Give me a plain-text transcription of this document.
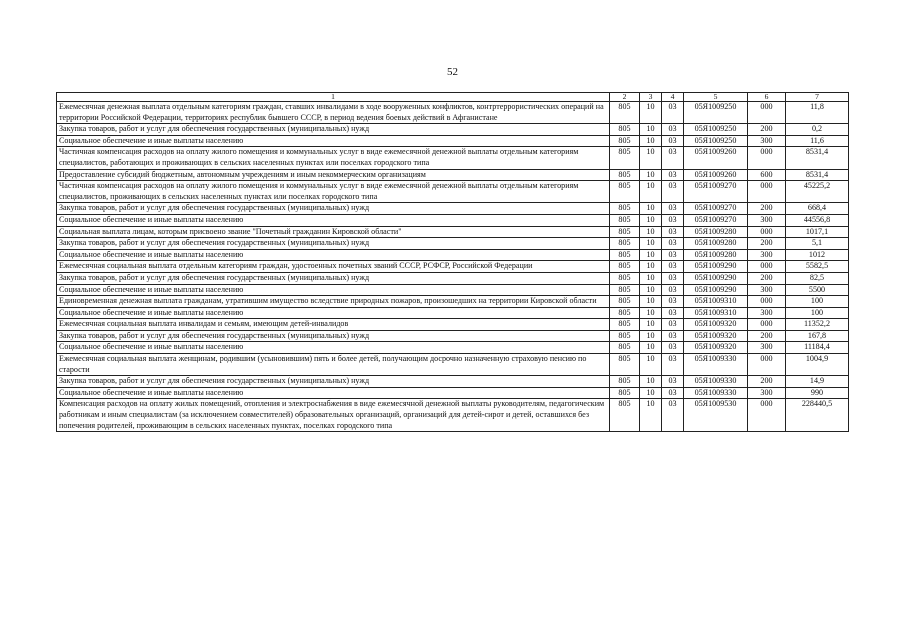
52
1	2	3	4	5	6	7
Ежемесячная денежная выплата отдельным категориям граждан, ставших инвалидами в ходе вооруженных конфликтов, контртеррористических операций на территории Российской Федерации, территориях республик бывшего СССР, в период ведения боевых действий в Афганистане	805	10	03	05Я1009250	000	11,8
Закупка товаров, работ и услуг для обеспечения государственных (муниципальных) нужд	805	10	03	05Я1009250	200	0,2
Социальное обеспечение и иные выплаты населению	805	10	03	05Я1009250	300	11,6
Частичная компенсация расходов на оплату жилого помещения и коммунальных услуг в виде ежемесячной денежной выплаты отдельным категориям специалистов, работающих и проживающих в сельских населенных пунктах или поселках городского типа	805	10	03	05Я1009260	000	8531,4
Предоставление субсидий бюджетным, автономным учреждениям и иным некоммерческим организациям	805	10	03	05Я1009260	600	8531,4
Частичная компенсация расходов на оплату жилого помещения и коммунальных услуг в виде ежемесячной денежной выплаты отдельным категориям специалистов, проживающих в сельских населенных пунктах или поселках городского типа	805	10	03	05Я1009270	000	45225,2
Закупка товаров, работ и услуг для обеспечения государственных (муниципальных) нужд	805	10	03	05Я1009270	200	668,4
Социальное обеспечение и иные выплаты населению	805	10	03	05Я1009270	300	44556,8
Социальная выплата лицам, которым присвоено звание "Почетный гражданин Кировской области"	805	10	03	05Я1009280	000	1017,1
Закупка товаров, работ и услуг для обеспечения государственных (муниципальных) нужд	805	10	03	05Я1009280	200	5,1
Социальное обеспечение и иные выплаты населению	805	10	03	05Я1009280	300	1012
Ежемесячная социальная выплата отдельным категориям граждан, удостоенных почетных званий СССР, РСФСР, Российской Федерации	805	10	03	05Я1009290	000	5582,5
Закупка товаров, работ и услуг для обеспечения государственных (муниципальных) нужд	805	10	03	05Я1009290	200	82,5
Социальное обеспечение и иные выплаты населению	805	10	03	05Я1009290	300	5500
Единовременная денежная выплата гражданам, утратившим имущество вследствие природных пожаров, произошедших на территории Кировской области	805	10	03	05Я1009310	000	100
Социальное обеспечение и иные выплаты населению	805	10	03	05Я1009310	300	100
Ежемесячная социальная выплата инвалидам и семьям, имеющим детей-инвалидов	805	10	03	05Я1009320	000	11352,2
Закупка товаров, работ и услуг для обеспечения государственных (муниципальных) нужд	805	10	03	05Я1009320	200	167,8
Социальное обеспечение и иные выплаты населению	805	10	03	05Я1009320	300	11184,4
Ежемесячная социальная выплата женщинам, родившим (усыновившим) пять и более детей, получающим досрочно назначенную страховую пенсию по старости	805	10	03	05Я1009330	000	1004,9
Закупка товаров, работ и услуг для обеспечения государственных (муниципальных) нужд	805	10	03	05Я1009330	200	14,9
Социальное обеспечение и иные выплаты населению	805	10	03	05Я1009330	300	990
Компенсация расходов на оплату жилых помещений, отопления и электроснабжения в виде ежемесячной денежной выплаты руководителям, педагогическим работникам и иным специалистам (за исключением совместителей) образовательных организаций, организаций для детей-сирот и детей, оставшихся без попечения родителей, проживающим в сельских населенных пунктах, поселках городского типа	805	10	03	05Я1009530	000	228440,5
